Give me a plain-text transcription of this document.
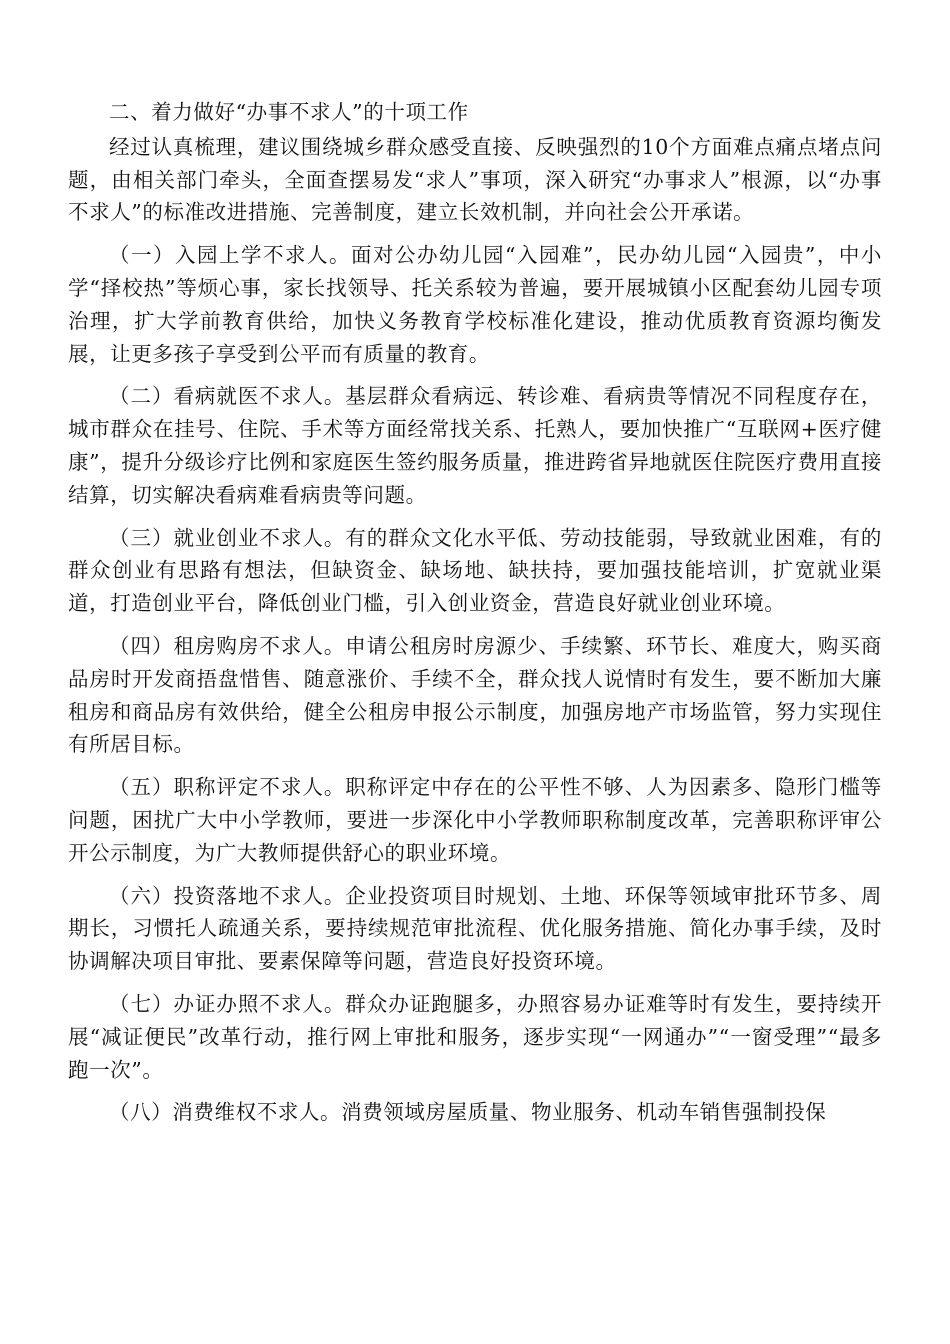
二、着力做好“办事不求人”的十项工作

经过认真梳理，建议围绕城乡群众感受直接、反映强烈的10个方面难点痛点堵点问题，由相关部门牵头，全面查摆易发“求人”事项，深入研究“办事求人”根源，以“办事不求人”的标准改进措施、完善制度，建立长效机制，并向社会公开承诺。

（一）入园上学不求人。面对公办幼儿园“入园难”，民办幼儿园“入园贵”，中小学“择校热”等烦心事，家长找领导、托关系较为普遍，要开展城镇小区配套幼儿园专项治理，扩大学前教育供给，加快义务教育学校标准化建设，推动优质教育资源均衡发展，让更多孩子享受到公平而有质量的教育。

（二）看病就医不求人。基层群众看病远、转诊难、看病贵等情况不同程度存在，城市群众在挂号、住院、手术等方面经常找关系、托熟人，要加快推广“互联网+医疗健康”，提升分级诊疗比例和家庭医生签约服务质量，推进跨省异地就医住院医疗费用直接结算，切实解决看病难看病贵等问题。

（三）就业创业不求人。有的群众文化水平低、劳动技能弱，导致就业困难，有的群众创业有思路有想法，但缺资金、缺场地、缺扶持，要加强技能培训，扩宽就业渠道，打造创业平台，降低创业门槛，引入创业资金，营造良好就业创业环境。

（四）租房购房不求人。申请公租房时房源少、手续繁、环节长、难度大，购买商品房时开发商捂盘惜售、随意涨价、手续不全，群众找人说情时有发生，要不断加大廉租房和商品房有效供给，健全公租房申报公示制度，加强房地产市场监管，努力实现住有所居目标。

（五）职称评定不求人。职称评定中存在的公平性不够、人为因素多、隐形门槛等问题，困扰广大中小学教师，要进一步深化中小学教师职称制度改革，完善职称评审公开公示制度，为广大教师提供舒心的职业环境。

（六）投资落地不求人。企业投资项目时规划、土地、环保等领域审批环节多、周期长，习惯托人疏通关系，要持续规范审批流程、优化服务措施、简化办事手续，及时协调解决项目审批、要素保障等问题，营造良好投资环境。

（七）办证办照不求人。群众办证跑腿多，办照容易办证难等时有发生，要持续开展“减证便民”改革行动，推行网上审批和服务，逐步实现“一网通办”“一窗受理”“最多跑一次”。

（八）消费维权不求人。消费领域房屋质量、物业服务、机动车销售强制投保
